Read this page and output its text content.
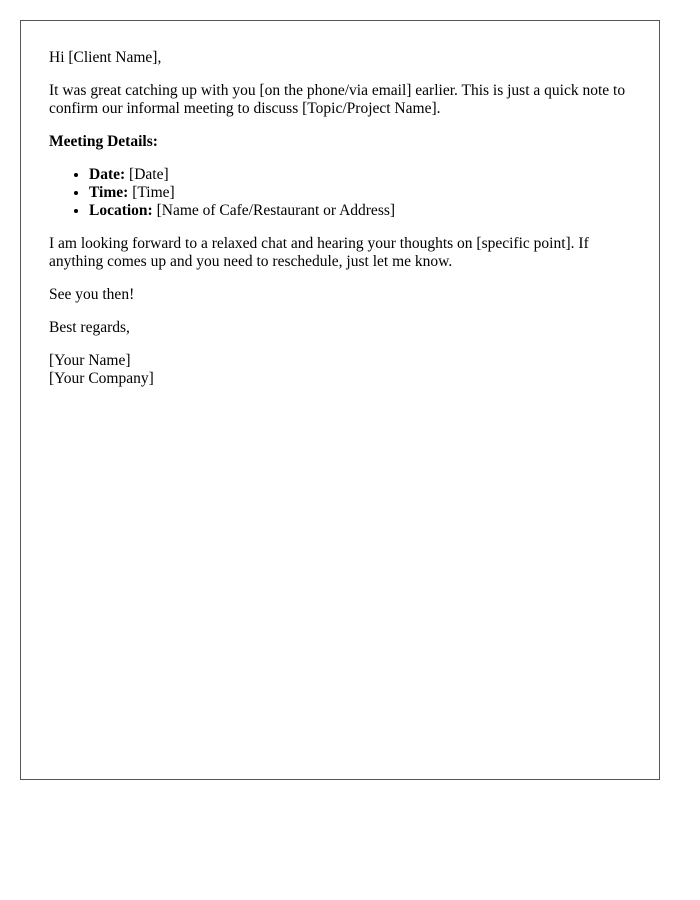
Hi [Client Name],

It was great catching up with you [on the phone/via email] earlier. This is just a quick note to confirm our informal meeting to discuss [Topic/Project Name].

Meeting Details:

• Date: [Date]
• Time: [Time]
• Location: [Name of Cafe/Restaurant or Address]

I am looking forward to a relaxed chat and hearing your thoughts on [specific point]. If anything comes up and you need to reschedule, just let me know.

See you then!

Best regards,

[Your Name]

[Your Company]
